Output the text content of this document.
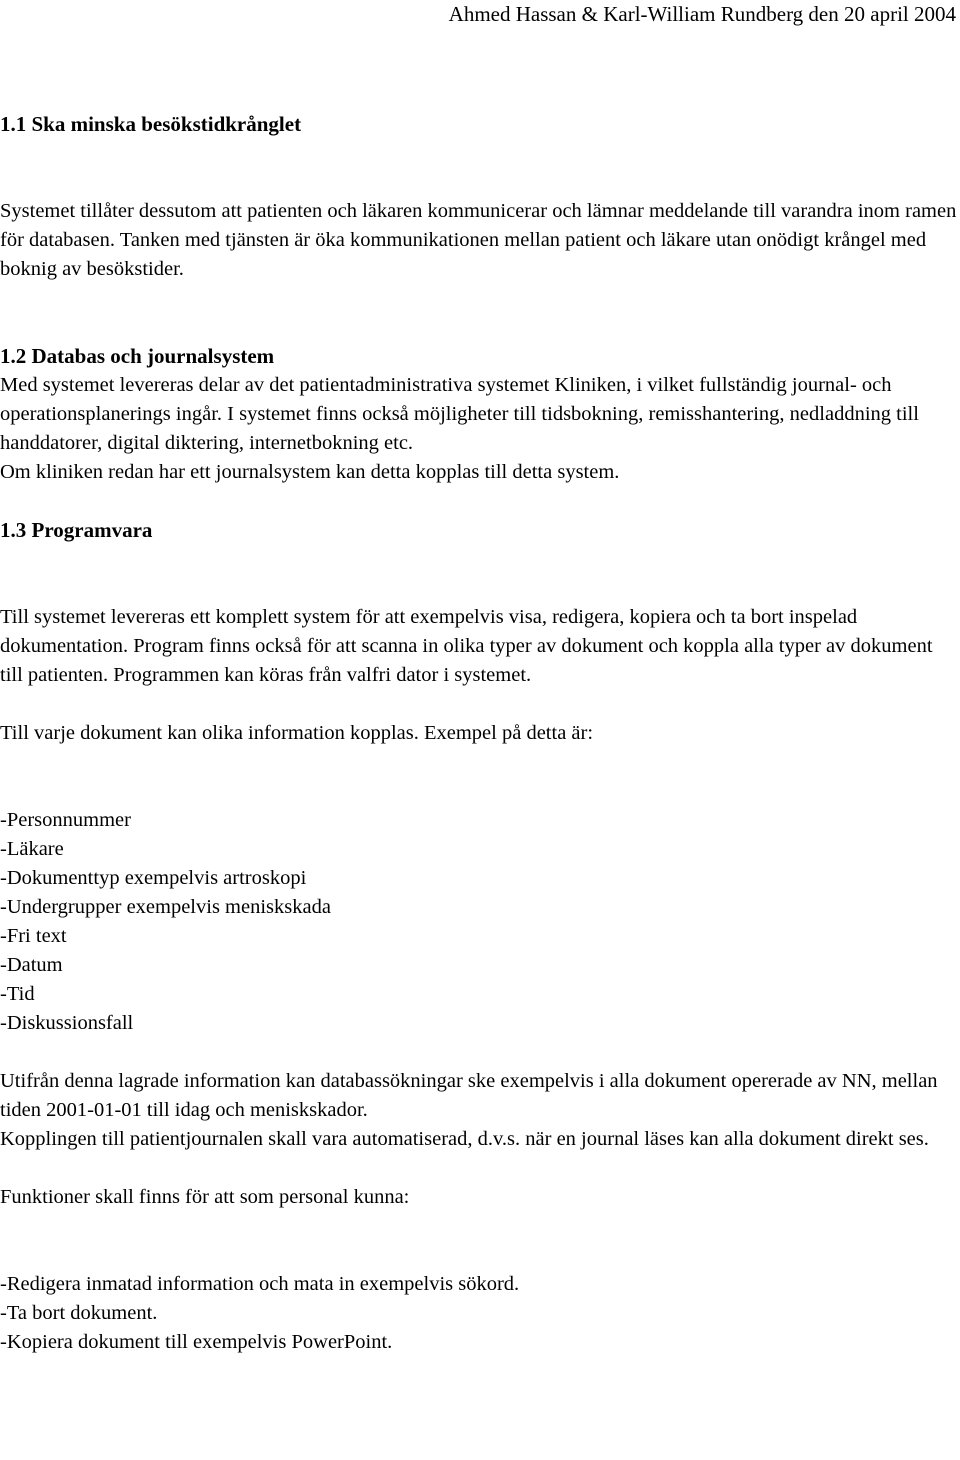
Ahmed Hassan & Karl-William Rundberg den 20 april 2004
1.1 Ska minska besökstidkrånglet

Systemet tillåter dessutom att patienten och läkaren kommunicerar och lämnar meddelande till varandra inom ramen för databasen. Tanken med tjänsten är öka kommunikationen mellan patient och läkare utan onödigt krångel med boknig av besökstider.

1.2 Databas och journalsystem

Med systemet levereras delar av det patientadministrativa systemet Kliniken, i vilket fullständig journal- och operationsplanerings ingår. I systemet finns också möjligheter till tidsbokning, remisshantering, nedladdning till handdatorer, digital diktering, internetbokning etc.

Om kliniken redan har ett journalsystem kan detta kopplas till detta system.

1.3 Programvara

Till systemet levereras ett komplett system för att exempelvis visa, redigera, kopiera och ta bort inspelad dokumentation. Program finns också för att scanna in olika typer av dokument och koppla alla typer av dokument till patienten. Programmen kan köras från valfri dator i systemet.

Till varje dokument kan olika information kopplas. Exempel på detta är:

-Personnummer
-Läkare
-Dokumenttyp exempelvis artroskopi
-Undergrupper exempelvis meniskskada
-Fri text
-Datum
-Tid
-Diskussionsfall

Utifrån denna lagrade information kan databassökningar ske exempelvis i alla dokument opererade av NN, mellan tiden 2001-01-01 till idag och meniskskador.

Kopplingen till patientjournalen skall vara automatiserad, d.v.s. när en journal läses kan alla dokument direkt ses.

Funktioner skall finns för att som personal kunna:

-Redigera inmatad information och mata in exempelvis sökord.
-Ta bort dokument.
-Kopiera dokument till exempelvis PowerPoint.
